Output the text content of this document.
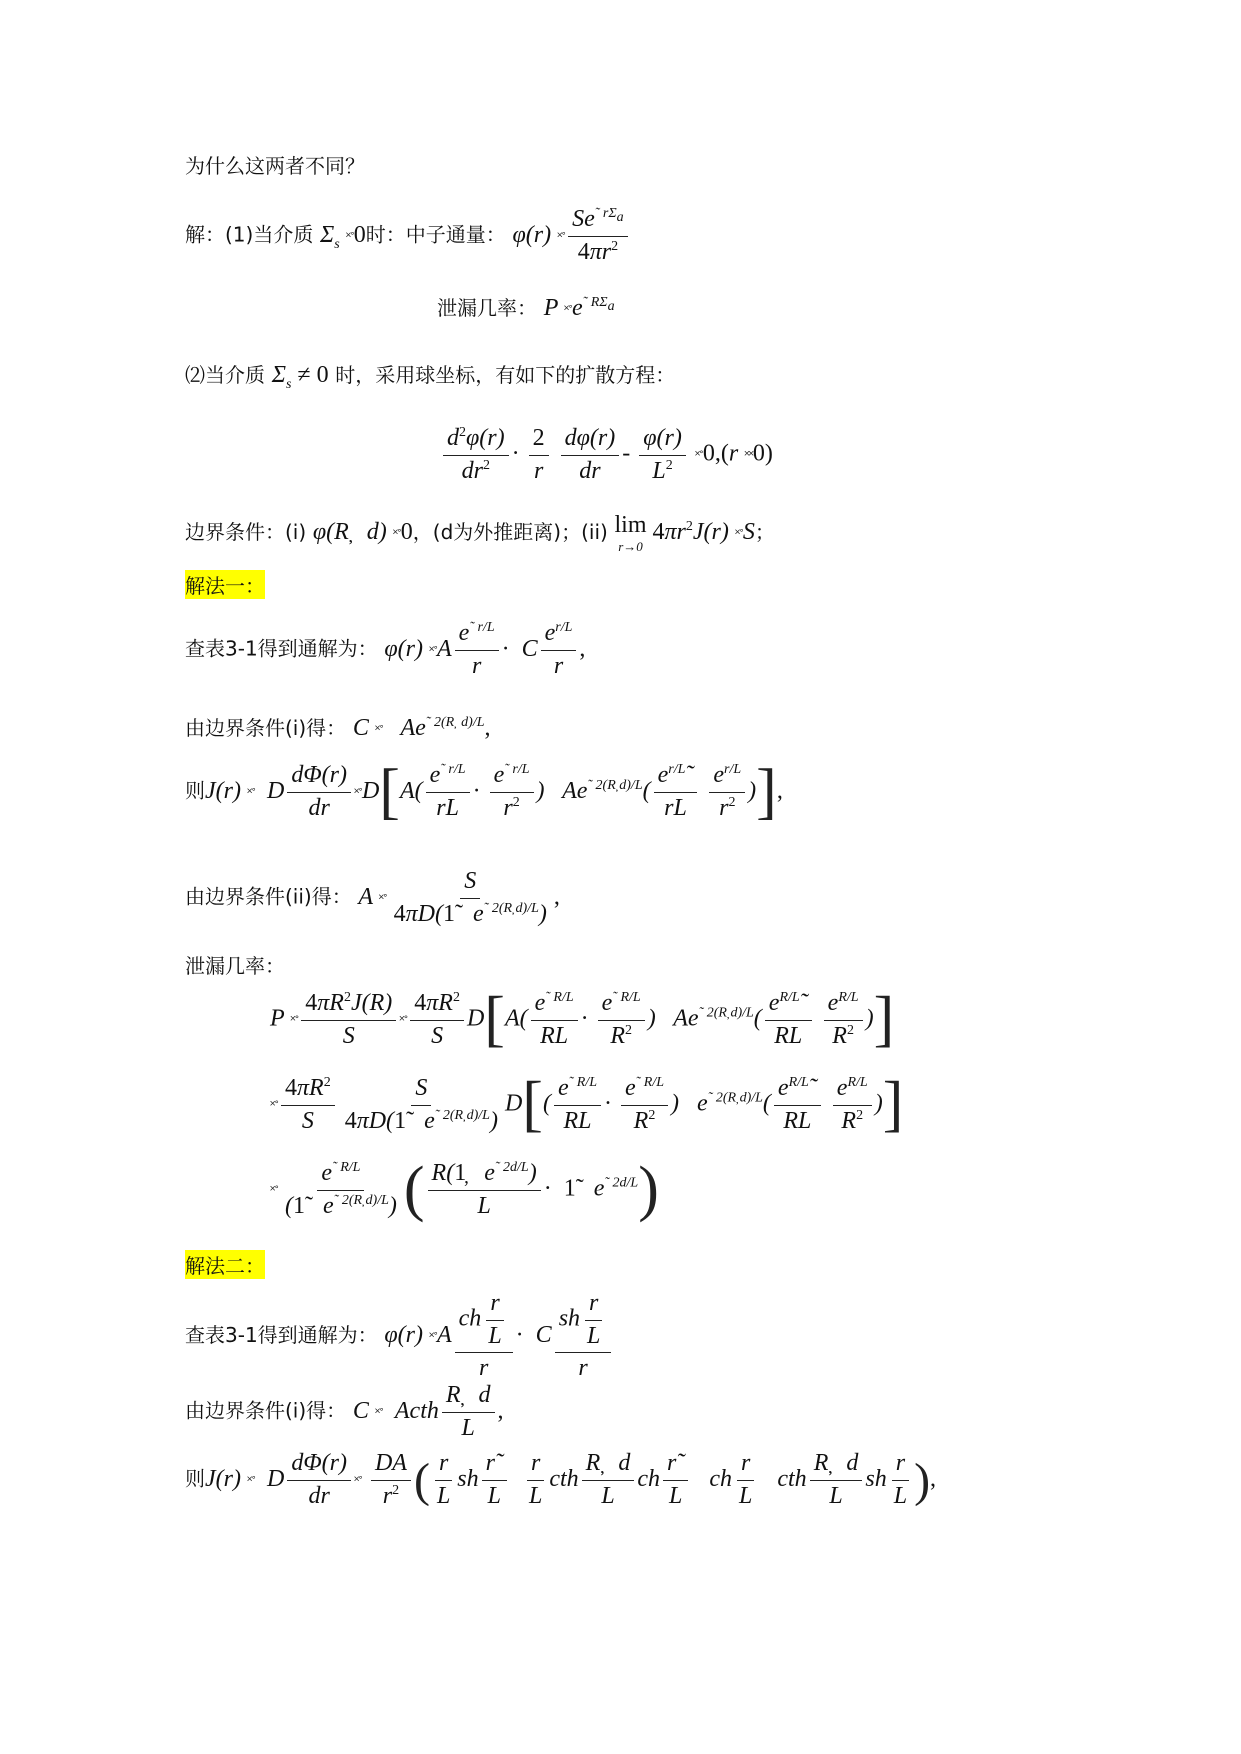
为什么这两者不同？
解：(1)当介质 $\Sigma_s$ ˟˚0时：中子通量： φ(r) ˟˚
$Se^{˜ r\Sigma_a}$
$4\pi r^2$
泄漏几率： P $˟˚e^{˜ R\Sigma_a}$
⑵当介质 $\Sigma_s \ne 0$ 时，采用球坐标，有如下的扩散方程：
$\frac{d^2\varphi(r)}{dr^2} \cdot \frac{2}{r}$
$\frac{d\varphi(r)}{dr} - \frac{\varphi(r)}{L^2}$ ˟˚0,(r ˟˟0)
边界条件：(i) φ(R̦   d) ˟˚0，(d为外推距离)；(ii) lim
r→0
$4\pi r^2J(r)$ ˟˚S；
解法一：
查表3-1得到通解为： φ(r) ˟˚A $\frac{e^{˜ r/L}}{r} \cdot C \frac{e^{r/L}}{r}$ ,
由边界条件(i)得： C ˟˚   $Ae^{˜ 2(R̦ d)/L}$,
则J(r) ˟˚  D $\frac{d\Phi(r)}{dr}$ ˟˚D[A( $\frac{e^{˜ r/L}}{rL} \cdot \frac{e^{˜ r/L}}{r^2}$ )   $Ae^{˜ 2(R̦ d)/L}( \frac{e^{r/L}˜}{rL}$
$\frac{e^{r/L}}{r^2}$ )],
由边界条件(ii)得： A ˟˚ $\frac{S}{4\pi D(1̃ e^{˜ 2(R̦ d)/L})}$ ,
泄漏几率：
P ˟˚ $\frac{4\pi R^2J(R)}{S}$ ˟˚ $\frac{4\pi R^2}{S} D[A( \frac{e^{˜ R/L}}{RL} \cdot \frac{e^{˜ R/L}}{R^2}$ )   $Ae^{˜ 2(R̦ d)/L}( \frac{e^{R/L}˜}{RL}$
$\frac{e^{R/L}}{R^2}$ )]
˟˚ $\frac{4\pi R^2}{S} \frac{S}{4\pi D(1̃ e^{˜ 2(R̦ d)/L})} D[( \frac{e^{˜ R/L}}{RL} \cdot \frac{e^{˜ R/L}}{R^2}$ )   $e^{˜ 2(R̦ d)/L}( \frac{e^{R/L}˜}{RL}$
$\frac{e^{R/L}}{R^2}$ )]
˟˚ $\frac{e^{˜ R/L}}{(1̃ e^{˜ 2(R̦ d)/L})}$ ( $\frac{R(1̦ e^{˜ 2d/L})}{L}$ · 1̃   $e^{˜ 2d/L}$)
解法二：
查表3-1得到通解为： φ(r) ˟˚A
ch $\frac{r}{L}$
r
·  C
sh $\frac{r}{L}$
r
由边界条件(i)得： C ˟˚  Acth $\frac{R̦ d}{L}$ ,
则J(r) ˟˚  D $\frac{d\Phi(r)}{dr}$ ˟˚ $\frac{DA}{r^2}$ ( $\frac{r}{L}$ sh $\frac{r˜}{L}$
$\frac{r}{L}$ cth $\frac{R̦ d}{L}$ ch $\frac{r˜}{L}$ ch $\frac{r}{L}$ cth $\frac{R̦ d}{L}$ sh $\frac{r}{L}$ ),
